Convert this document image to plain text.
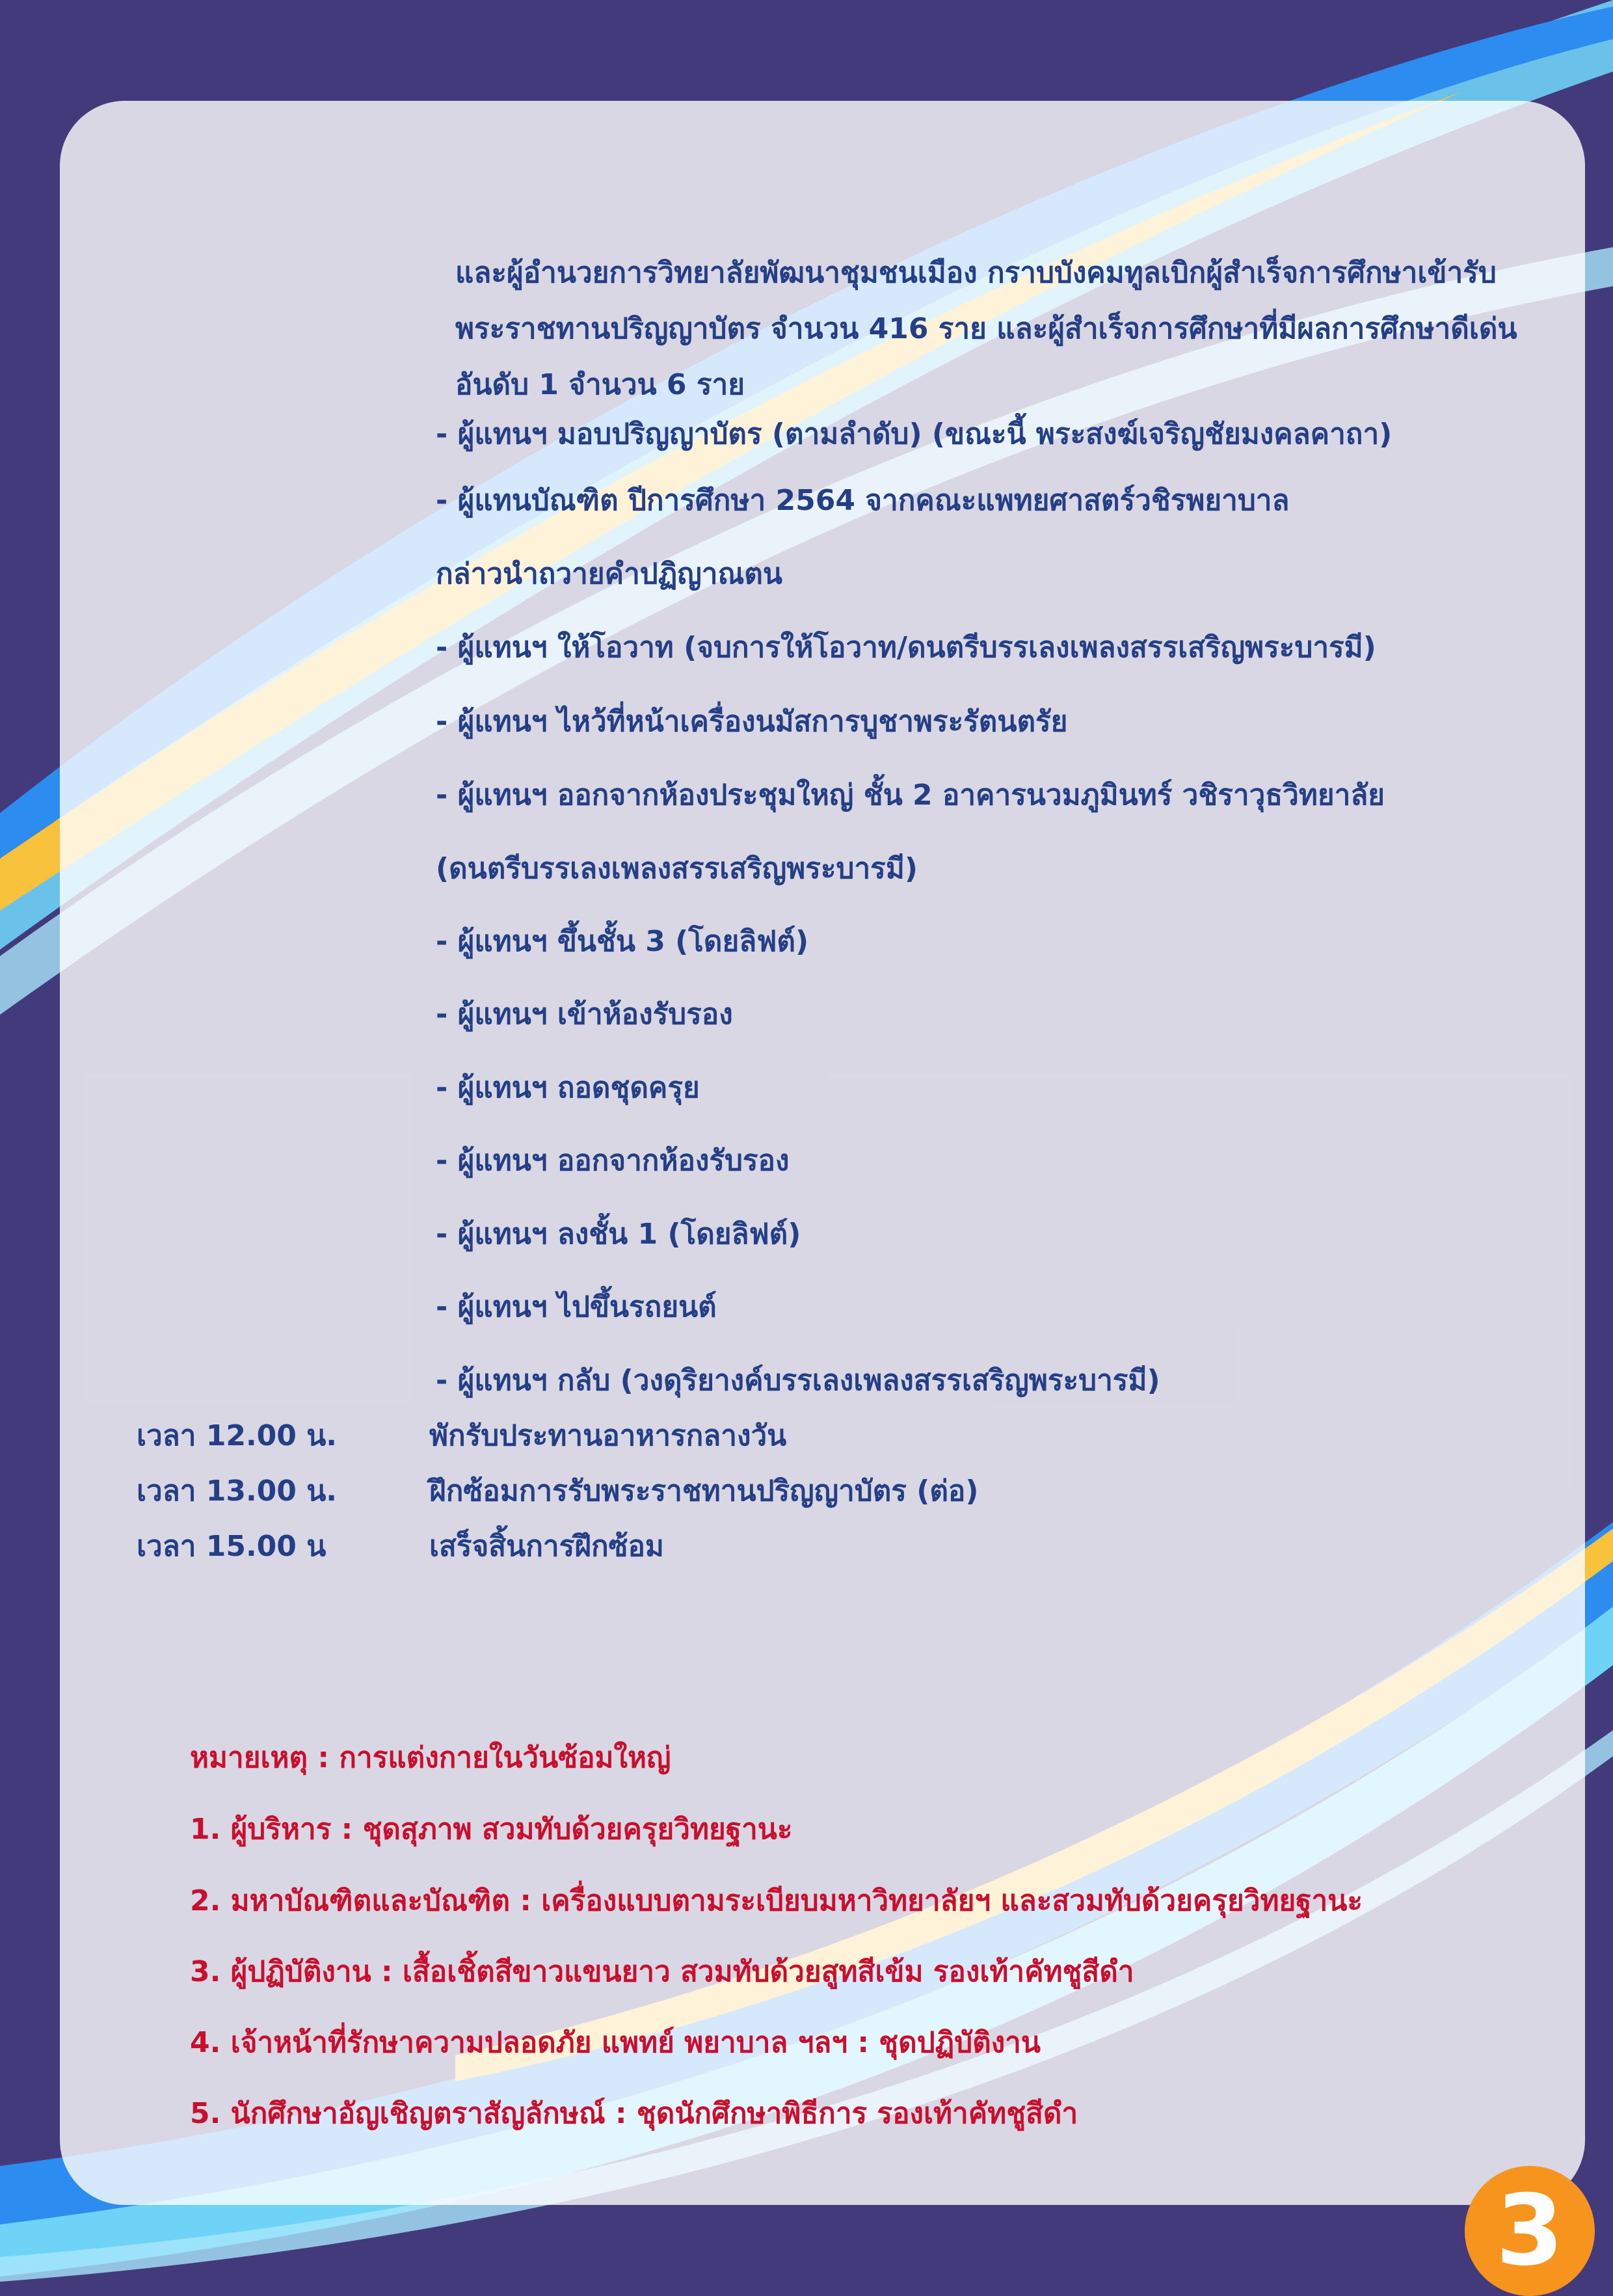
และผู้อำนวยการวิทยาลัยพัฒนาชุมชนเมือง กราบบังคมทูลเบิกผู้สำเร็จการศึกษาเข้ารับ
พระราชทานปริญญาบัตร จำนวน 416 ราย และผู้สำเร็จการศึกษาที่มีผลการศึกษาดีเด่น
อันดับ 1 จำนวน 6 ราย
- ผู้แทนฯ มอบปริญญาบัตร (ตามลำดับ) (ขณะนี้ พระสงฆ์เจริญชัยมงคลคาถา)
- ผู้แทนบัณฑิต ปีการศึกษา 2564 จากคณะแพทยศาสตร์วชิรพยาบาล
กล่าวนำถวายคำปฏิญาณตน
- ผู้แทนฯ ให้โอวาท (จบการให้โอวาท/ดนตรีบรรเลงเพลงสรรเสริญพระบารมี)
- ผู้แทนฯ ไหว้ที่หน้าเครื่องนมัสการบูชาพระรัตนตรัย
- ผู้แทนฯ ออกจากห้องประชุมใหญ่ ชั้น 2 อาคารนวมภูมินทร์ วชิราวุธวิทยาลัย
(ดนตรีบรรเลงเพลงสรรเสริญพระบารมี)
- ผู้แทนฯ ขึ้นชั้น 3 (โดยลิฟต์)
- ผู้แทนฯ เข้าห้องรับรอง
- ผู้แทนฯ ถอดชุดครุย
- ผู้แทนฯ ออกจากห้องรับรอง
- ผู้แทนฯ ลงชั้น 1 (โดยลิฟต์)
- ผู้แทนฯ ไปขึ้นรถยนต์
- ผู้แทนฯ กลับ (วงดุริยางค์บรรเลงเพลงสรรเสริญพระบารมี)
เวลา 12.00 น.	พักรับประทานอาหารกลางวัน
เวลา 13.00 น.	ฝึกซ้อมการรับพระราชทานปริญญาบัตร (ต่อ)
เวลา 15.00 น	เสร็จสิ้นการฝึกซ้อม
หมายเหตุ : การแต่งกายในวันซ้อมใหญ่
1. ผู้บริหาร : ชุดสุภาพ สวมทับด้วยครุยวิทยฐานะ
2. มหาบัณฑิตและบัณฑิต : เครื่องแบบตามระเบียบมหาวิทยาลัยฯ และสวมทับด้วยครุยวิทยฐานะ
3. ผู้ปฏิบัติงาน : เสื้อเชิ้ตสีขาวแขนยาว สวมทับด้วยสูทสีเข้ม รองเท้าคัทชูสีดำ
4. เจ้าหน้าที่รักษาความปลอดภัย แพทย์ พยาบาล ฯลฯ : ชุดปฏิบัติงาน
5. นักศึกษาอัญเชิญตราสัญลักษณ์ : ชุดนักศึกษาพิธีการ รองเท้าคัทชูสีดำ
3
